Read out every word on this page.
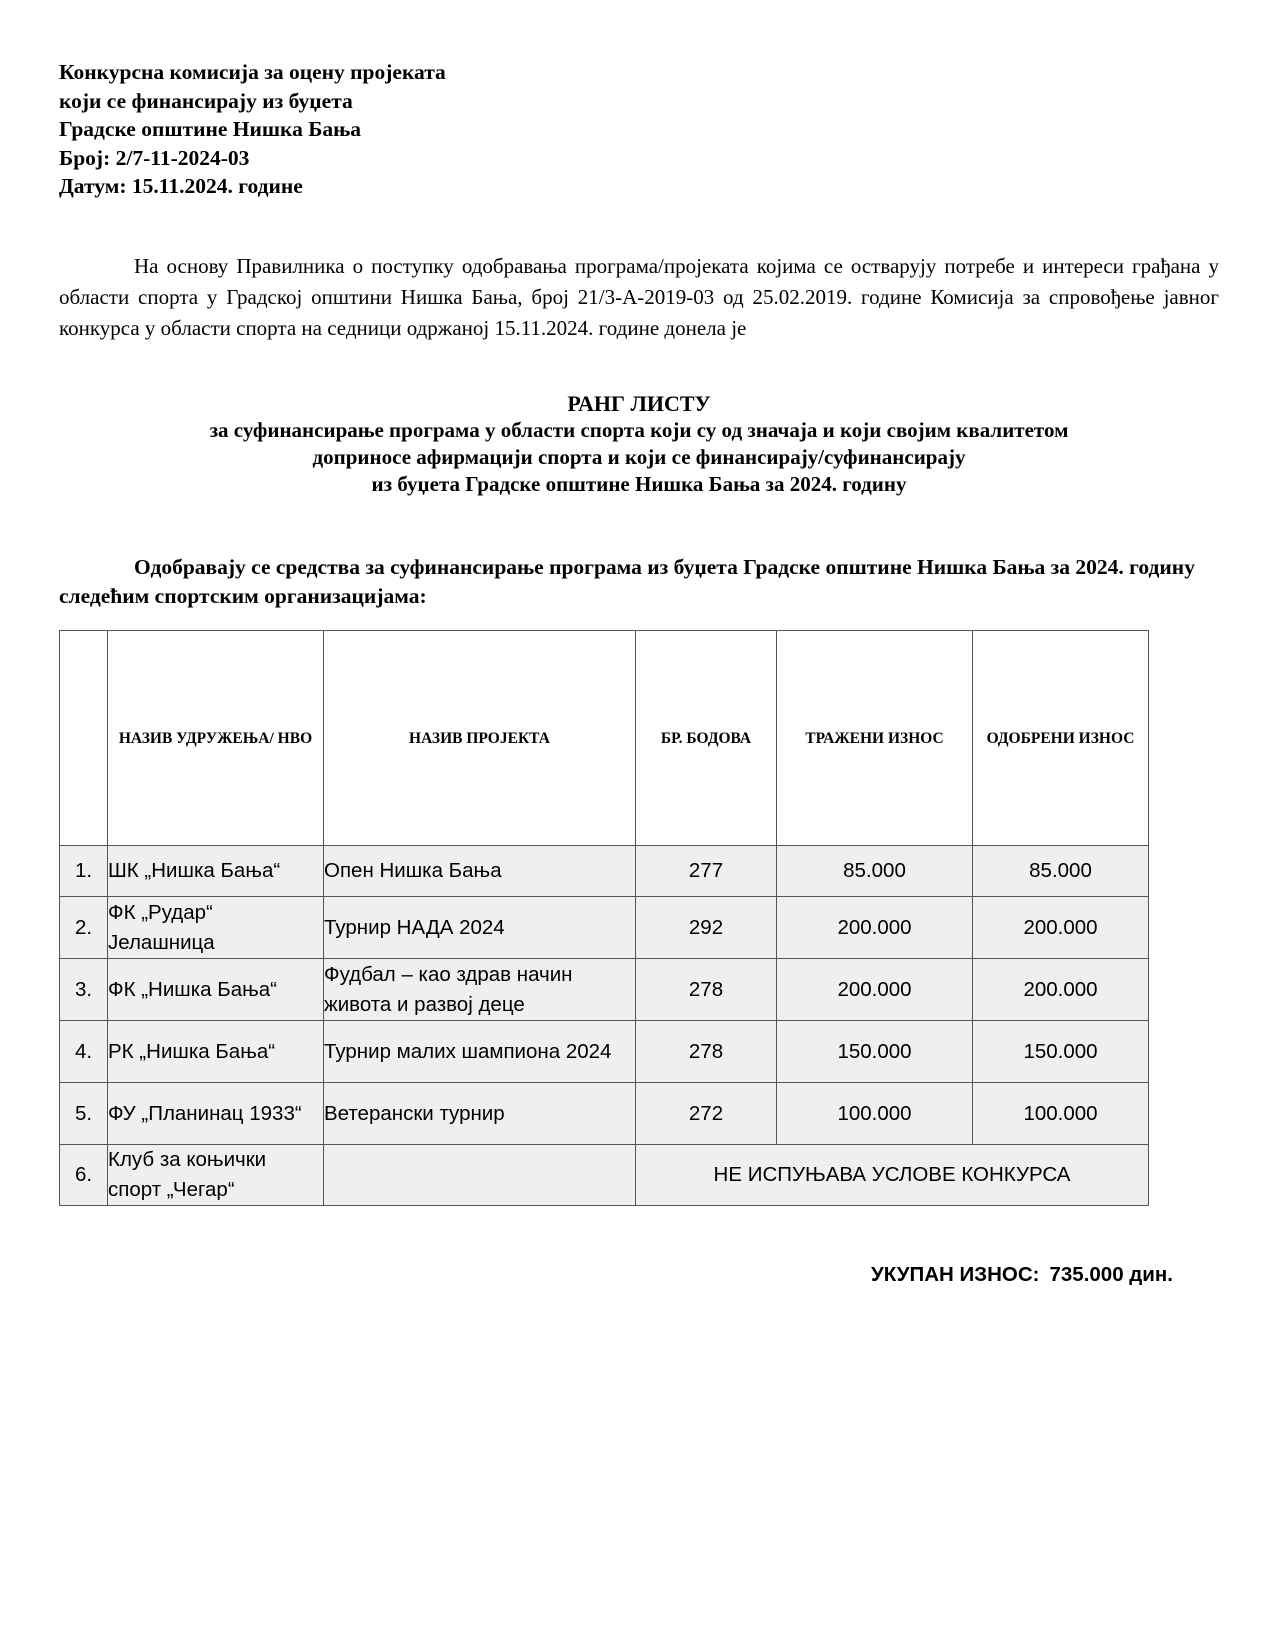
Конкурсна комисија за оцену пројеката
који се финансирају из буџета
Градске општине Нишка Бања
Број: 2/7-11-2024-03
Датум: 15.11.2024. године

На основу Правилника о поступку одобравања програма/пројеката којима се остварују потребе и интереси грађана у области спорта у Градској општини Нишка Бања, број 21/3-А-2019-03 од 25.02.2019. године Комисија за спровођење јавног конкурса у области спорта на седници одржаној 15.11.2024. године донела је

РАНГ ЛИСТУ
за суфинансирање програма у области спорта који су од значаја и који својим квалитетом
доприносе афирмацији спорта и који се финансирају/суфинансирају
из буџета Градске општине Нишка Бања за 2024. годину

Одобравају се средства за суфинансирање програма из буџета Градске општине Нишка Бања за 2024. годину следећим спортским организацијама:

	НАЗИВ УДРУЖЕЊА/ НВО	НАЗИВ ПРОЈЕКТА	БР. БОДОВА	ТРАЖЕНИ ИЗНОС	ОДОБРЕНИ ИЗНОС
1.	ШК „Нишка Бања“	Опен Нишка Бања	277	85.000	85.000
2.	ФК „Рудар“ Јелашница	Турнир НАДА 2024	292	200.000	200.000
3.	ФК „Нишка Бања“	Фудбал – као здрав начин живота и развој деце	278	200.000	200.000
4.	РК „Нишка Бања“	Турнир малих шампиона 2024	278	150.000	150.000
5.	ФУ „Планинац 1933“	Ветерански турнир	272	100.000	100.000
6.	Клуб за коњички спорт „Чегар“		НЕ ИСПУЊАВА УСЛОВЕ КОНКУРСА		
УКУПАН ИЗНОС: 735.000 дин.
